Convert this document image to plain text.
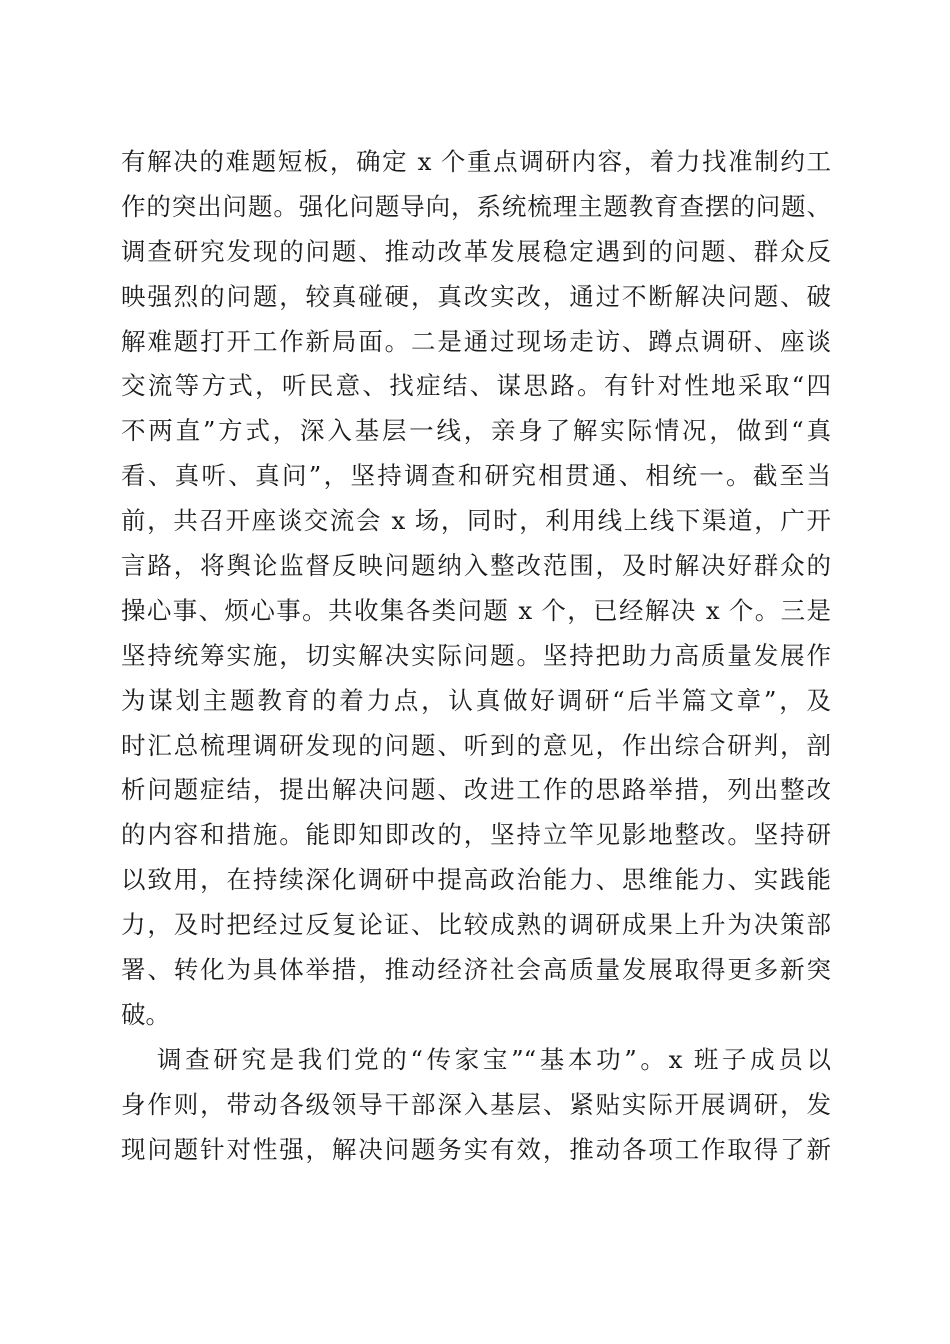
有解决的难题短板，确定 x 个重点调研内容，着力找准制约工
作的突出问题。强化问题导向，系统梳理主题教育查摆的问题、
调查研究发现的问题、推动改革发展稳定遇到的问题、群众反
映强烈的问题，较真碰硬，真改实改，通过不断解决问题、破
解难题打开工作新局面。二是通过现场走访、蹲点调研、座谈
交流等方式，听民意、找症结、谋思路。有针对性地采取“四
不两直”方式，深入基层一线，亲身了解实际情况，做到“真
看、真听、真问”，坚持调查和研究相贯通、相统一。截至当
前，共召开座谈交流会 x 场，同时，利用线上线下渠道，广开
言路，将舆论监督反映问题纳入整改范围，及时解决好群众的
操心事、烦心事。共收集各类问题 x 个，已经解决 x 个。三是
坚持统筹实施，切实解决实际问题。坚持把助力高质量发展作
为谋划主题教育的着力点，认真做好调研“后半篇文章”，及
时汇总梳理调研发现的问题、听到的意见，作出综合研判，剖
析问题症结，提出解决问题、改进工作的思路举措，列出整改
的内容和措施。能即知即改的，坚持立竿见影地整改。坚持研
以致用，在持续深化调研中提高政治能力、思维能力、实践能
力，及时把经过反复论证、比较成熟的调研成果上升为决策部
署、转化为具体举措，推动经济社会高质量发展取得更多新突
破。
调查研究是我们党的“传家宝”“基本功”。x 班子成员以
身作则，带动各级领导干部深入基层、紧贴实际开展调研，发
现问题针对性强，解决问题务实有效，推动各项工作取得了新
